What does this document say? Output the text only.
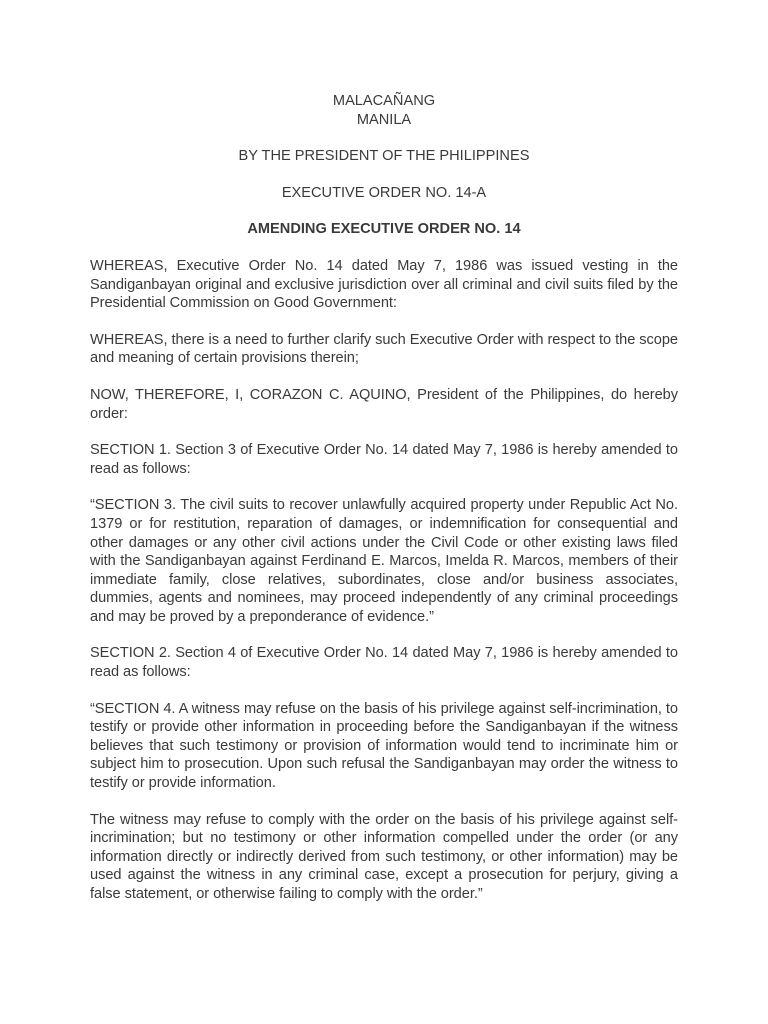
MALACAÑANG

MANILA

BY THE PRESIDENT OF THE PHILIPPINES

EXECUTIVE ORDER NO. 14-A

AMENDING EXECUTIVE ORDER NO. 14

WHEREAS, Executive Order No. 14 dated May 7, 1986 was issued vesting in the Sandiganbayan original and exclusive jurisdiction over all criminal and civil suits filed by the Presidential Commission on Good Government:

WHEREAS, there is a need to further clarify such Executive Order with respect to the scope and meaning of certain provisions therein;

NOW, THEREFORE, I, CORAZON C. AQUINO, President of the Philippines, do hereby order:

SECTION 1. Section 3 of Executive Order No. 14 dated May 7, 1986 is hereby amended to read as follows:

“SECTION 3. The civil suits to recover unlawfully acquired property under Republic Act No. 1379 or for restitution, reparation of damages, or indemnification for consequential and other damages or any other civil actions under the Civil Code or other existing laws filed with the Sandiganbayan against Ferdinand E. Marcos, Imelda R. Marcos, members of their immediate family, close relatives, subordinates, close and/or business associates, dummies, agents and nominees, may proceed independently of any criminal proceedings and may be proved by a preponderance of evidence.”

SECTION 2. Section 4 of Executive Order No. 14 dated May 7, 1986 is hereby amended to read as follows:

“SECTION 4. A witness may refuse on the basis of his privilege against self-incrimination, to testify or provide other information in proceeding before the Sandiganbayan if the witness believes that such testimony or provision of information would tend to incriminate him or subject him to prosecution. Upon such refusal the Sandiganbayan may order the witness to testify or provide information.

The witness may refuse to comply with the order on the basis of his privilege against self-incrimination; but no testimony or other information compelled under the order (or any information directly or indirectly derived from such testimony, or other information) may be used against the witness in any criminal case, except a prosecution for perjury, giving a false statement, or otherwise failing to comply with the order.”
